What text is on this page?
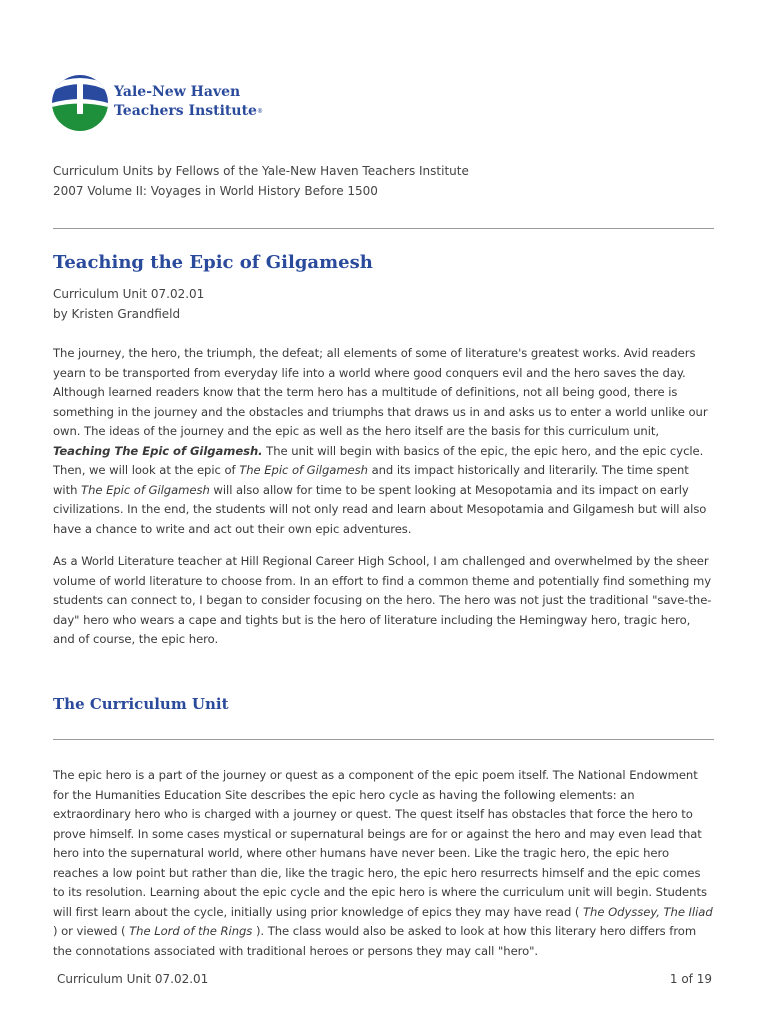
Yale-New Haven
Teachers Institute®
Curriculum Units by Fellows of the Yale-New Haven Teachers Institute
2007 Volume II: Voyages in World History Before 1500
Teaching the Epic of Gilgamesh
Curriculum Unit 07.02.01
by Kristen Grandfield

The journey, the hero, the triumph, the defeat; all elements of some of literature's greatest works. Avid readers yearn to be transported from everyday life into a world where good conquers evil and the hero saves the day. Although learned readers know that the term hero has a multitude of definitions, not all being good, there is something in the journey and the obstacles and triumphs that draws us in and asks us to enter a world unlike our own. The ideas of the journey and the epic as well as the hero itself are the basis for this curriculum unit, Teaching The Epic of Gilgamesh. The unit will begin with basics of the epic, the epic hero, and the epic cycle. Then, we will look at the epic of The Epic of Gilgamesh and its impact historically and literarily. The time spent with The Epic of Gilgamesh will also allow for time to be spent looking at Mesopotamia and its impact on early civilizations. In the end, the students will not only read and learn about Mesopotamia and Gilgamesh but will also have a chance to write and act out their own epic adventures.

As a World Literature teacher at Hill Regional Career High School, I am challenged and overwhelmed by the sheer volume of world literature to choose from. In an effort to find a common theme and potentially find something my students can connect to, I began to consider focusing on the hero. The hero was not just the traditional "save-the-day" hero who wears a cape and tights but is the hero of literature including the Hemingway hero, tragic hero, and of course, the epic hero.

The Curriculum Unit

The epic hero is a part of the journey or quest as a component of the epic poem itself. The National Endowment for the Humanities Education Site describes the epic hero cycle as having the following elements: an extraordinary hero who is charged with a journey or quest. The quest itself has obstacles that force the hero to prove himself. In some cases mystical or supernatural beings are for or against the hero and may even lead that hero into the supernatural world, where other humans have never been. Like the tragic hero, the epic hero reaches a low point but rather than die, like the tragic hero, the epic hero resurrects himself and the epic comes to its resolution. Learning about the epic cycle and the epic hero is where the curriculum unit will begin. Students will first learn about the cycle, initially using prior knowledge of epics they may have read ( The Odyssey, The Iliad ) or viewed ( The Lord of the Rings ). The class would also be asked to look at how this literary hero differs from the connotations associated with traditional heroes or persons they may call "hero".

Curriculum Unit 07.02.01	1 of 19
